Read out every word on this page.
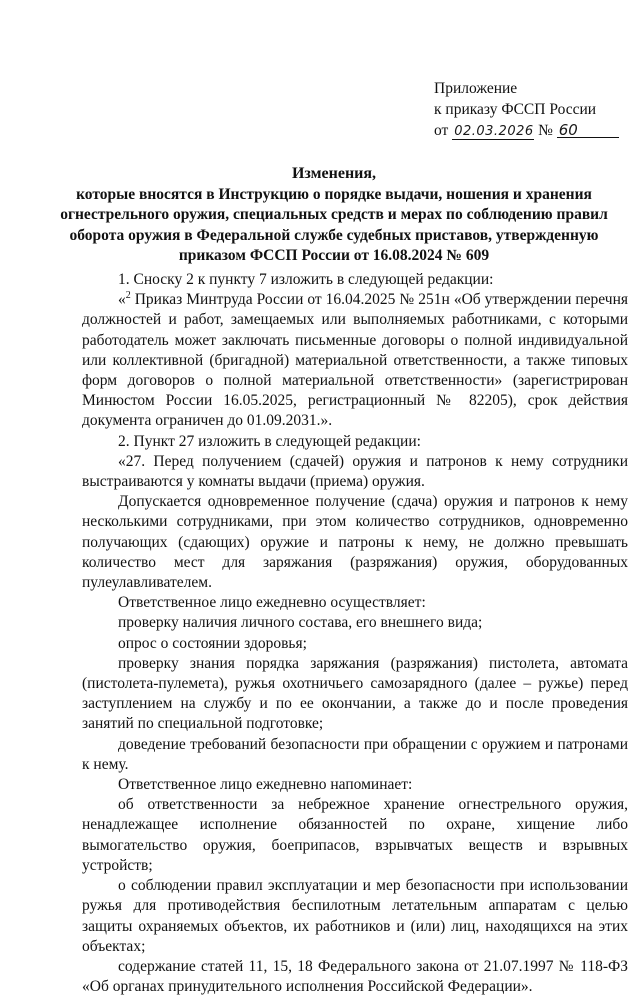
Приложение
к приказу ФССП России
от 02.03.2026 № 60
Изменения,
которые вносятся в Инструкцию о порядке выдачи, ношения и хранения
огнестрельного оружия, специальных средств и мерах по соблюдению правил
оборота оружия в Федеральной службе судебных приставов, утвержденную
приказом ФССП России от 16.08.2024 № 609

1. Сноску 2 к пункту 7 изложить в следующей редакции:

«$^2$ Приказ Минтруда России от 16.04.2025 № 251н «Об утверждении перечня должностей и работ, замещаемых или выполняемых работниками, с которыми работодатель может заключать письменные договоры о полной индивидуальной или коллективной (бригадной) материальной ответственности, а также типовых форм договоров о полной материальной ответственности» (зарегистрирован Минюстом России 16.05.2025, регистрационный № 82205), срок действия документа ограничен до 01.09.2031.».

2. Пункт 27 изложить в следующей редакции:

«27. Перед получением (сдачей) оружия и патронов к нему сотрудники выстраиваются у комнаты выдачи (приема) оружия.

Допускается одновременное получение (сдача) оружия и патронов к нему несколькими сотрудниками, при этом количество сотрудников, одновременно получающих (сдающих) оружие и патроны к нему, не должно превышать количество мест для заряжания (разряжания) оружия, оборудованных пулеулавливателем.

Ответственное лицо ежедневно осуществляет:

проверку наличия личного состава, его внешнего вида;

опрос о состоянии здоровья;

проверку знания порядка заряжания (разряжания) пистолета, автомата (пистолета-пулемета), ружья охотничьего самозарядного (далее – ружье) перед заступлением на службу и по ее окончании, а также до и после проведения занятий по специальной подготовке;

доведение требований безопасности при обращении с оружием и патронами к нему.

Ответственное лицо ежедневно напоминает:

об ответственности за небрежное хранение огнестрельного оружия, ненадлежащее исполнение обязанностей по охране, хищение либо вымогательство оружия, боеприпасов, взрывчатых веществ и взрывных устройств;

о соблюдении правил эксплуатации и мер безопасности при использовании ружья для противодействия беспилотным летательным аппаратам с целью защиты охраняемых объектов, их работников и (или) лиц, находящихся на этих объектах;

содержание статей 11, 15, 18 Федерального закона от 21.07.1997 № 118-ФЗ «Об органах принудительного исполнения Российской Федерации».
